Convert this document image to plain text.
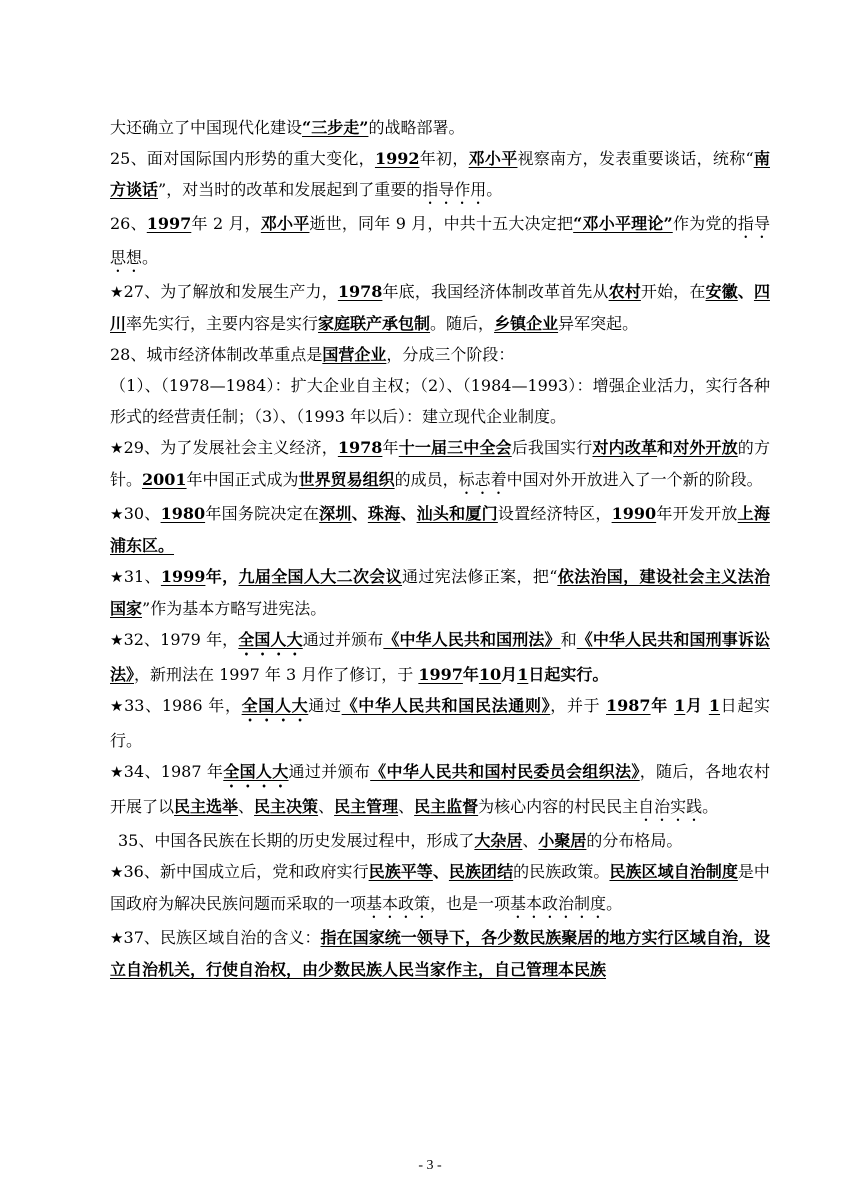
大还确立了中国现代化建设“三步走”的战略部署。

25、面对国际国内形势的重大变化，1992年初，邓小平视察南方，发表重要谈话，统称“南方谈话”，对当时的改革和发展起到了重要的指导作用。

26、1997年 2 月，邓小平逝世，同年 9 月，中共十五大决定把“邓小平理论”作为党的指导思想。

★27、为了解放和发展生产力，1978年底，我国经济体制改革首先从农村开始，在安徽、四川率先实行，主要内容是实行家庭联产承包制。随后，乡镇企业异军突起。

28、城市经济体制改革重点是国营企业，分成三个阶段：

（1）、（1978—1984）：扩大企业自主权；（2）、（1984—1993）：增强企业活力，实行各种形式的经营责任制；（3）、（1993 年以后）：建立现代企业制度。

★29、为了发展社会主义经济，1978年十一届三中全会后我国实行对内改革和对外开放的方针。2001年中国正式成为世界贸易组织的成员，标志着中国对外开放进入了一个新的阶段。

★30、1980年国务院决定在深圳、珠海、汕头和厦门设置经济特区，1990年开发开放上海浦东区。

★31、1999年，九届全国人大二次会议通过宪法修正案，把“依法治国，建设社会主义法治国家”作为基本方略写进宪法。

★32、1979 年，全国人大通过并颁布《中华人民共和国刑法》和《中华人民共和国刑事诉讼法》，新刑法在 1997 年 3 月作了修订，于 1997年10月1日起实行。

★33、1986 年，全国人大通过《中华人民共和国民法通则》，并于 1987年 1月 1日起实行。

★34、1987 年全国人大通过并颁布《中华人民共和国村民委员会组织法》，随后，各地农村开展了以民主选举、民主决策、民主管理、民主监督为核心内容的村民民主自治实践。

35、中国各民族在长期的历史发展过程中，形成了大杂居、小聚居的分布格局。

★36、新中国成立后，党和政府实行民族平等、民族团结的民族政策。民族区域自治制度是中国政府为解决民族问题而采取的一项基本政策，也是一项基本政治制度。

★37、民族区域自治的含义：指在国家统一领导下，各少数民族聚居的地方实行区域自治，设立自治机关，行使自治权，由少数民族人民当家作主，自己管理本民族

- 3 -
